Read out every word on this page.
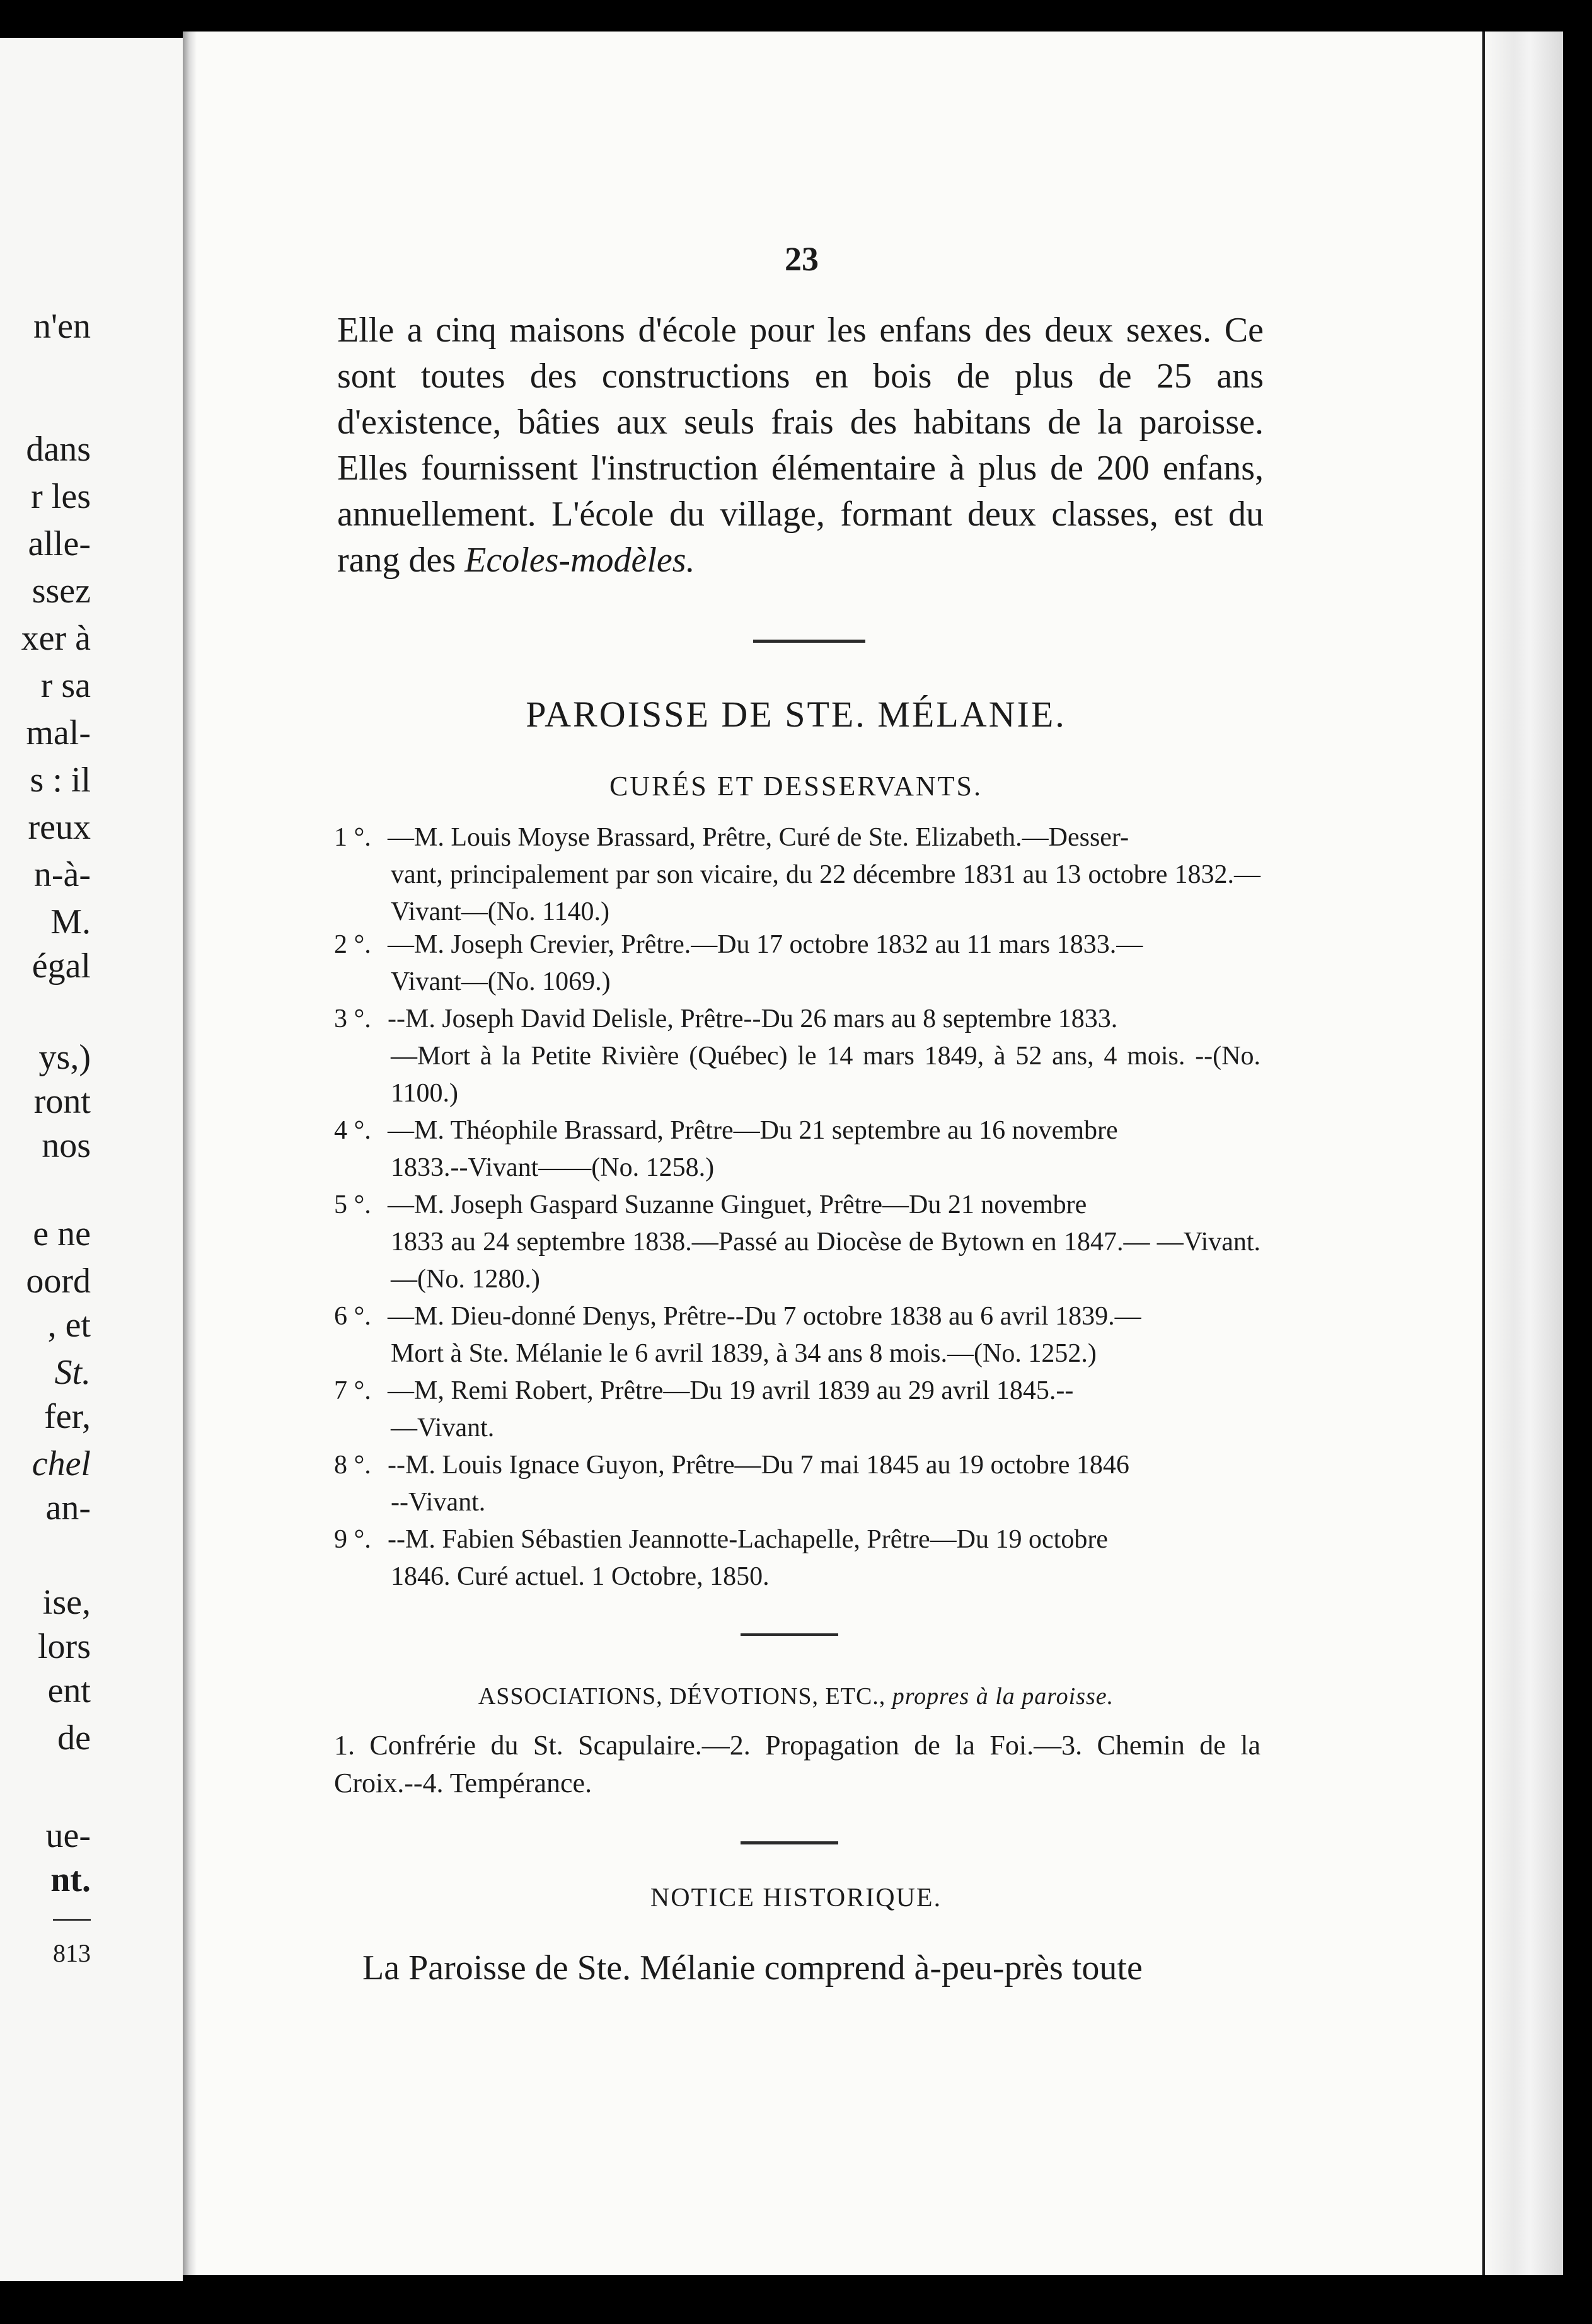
n'en
dans
r les
alle-
ssez
xer à
r sa
mal-
s : il
reux
n-à-
M.
égal
ys,)
ront
nos
e ne
oord
, et
St.
fer,
chel
an-
ise,
lors
ent
de
ue-
nt.
813
23
Elle a cinq maisons d'école pour les enfans des deux sexes. Ce sont toutes des constructions en bois de plus de 25 ans d'existence, bâties aux seuls frais des habitans de la paroisse. Elles fournissent l'instruction élémentaire à plus de 200 enfans, annuellement. L'école du village, formant deux classes, est du rang des Ecoles-modèles.
PAROISSE DE STE. MÉLANIE.
CURÉS ET DESSERVANTS.
1 °. —M. Louis Moyse Brassard, Prêtre, Curé de Ste. Elizabeth.—Desser-
vant, principalement par son vicaire, du 22 décembre 1831 au 13 octobre 1832.—Vivant—(No. 1140.)
2 °. —M. Joseph Crevier, Prêtre.—Du 17 octobre 1832 au 11 mars 1833.—
Vivant—(No. 1069.)
3 °. --M. Joseph David Delisle, Prêtre--Du 26 mars au 8 septembre 1833.
—Mort à la Petite Rivière (Québec) le 14 mars 1849, à 52 ans, 4 mois. --(No. 1100.)
4 °. —M. Théophile Brassard, Prêtre—Du 21 septembre au 16 novembre
1833.--Vivant——(No. 1258.)
5 °. —M. Joseph Gaspard Suzanne Ginguet, Prêtre—Du 21 novembre
1833 au 24 septembre 1838.—Passé au Diocèse de Bytown en 1847.— —Vivant.—(No. 1280.)
6 °. —M. Dieu-donné Denys, Prêtre--Du 7 octobre 1838 au 6 avril 1839.—
Mort à Ste. Mélanie le 6 avril 1839, à 34 ans 8 mois.—(No. 1252.)
7 °. —M, Remi Robert, Prêtre—Du 19 avril 1839 au 29 avril 1845.--
—Vivant.
8 °. --M. Louis Ignace Guyon, Prêtre—Du 7 mai 1845 au 19 octobre 1846
--Vivant.
9 °. --M. Fabien Sébastien Jeannotte-Lachapelle, Prêtre—Du 19 octobre
1846. Curé actuel. 1 Octobre, 1850.
ASSOCIATIONS, DÉVOTIONS, ETC., propres à la paroisse.
1. Confrérie du St. Scapulaire.—2. Propagation de la Foi.—3. Chemin de la Croix.--4. Tempérance.
NOTICE HISTORIQUE.
La Paroisse de Ste. Mélanie comprend à-peu-près toute
